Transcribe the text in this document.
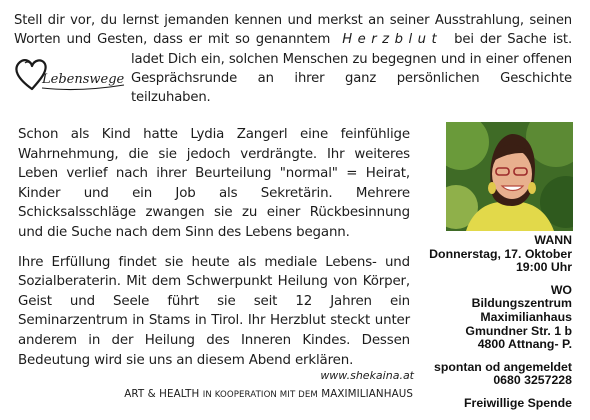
Stell dir vor, du lernst jemanden kennen und merkst an seiner Ausstrahlung, seinen
Worten und Gesten, dass er mit so genanntem Herzblut bei der Sache ist.
ladet Dich ein, solchen Menschen zu begegnen und in einer offenen Gesprächsrunde an ihrer ganz persönlichen Geschichte teilzuhaben.
Lebenswege

Schon als Kind hatte Lydia Zangerl eine feinfühlige Wahrnehmung, die sie jedoch verdrängte. Ihr weiteres Leben verlief nach ihrer Beurteilung "normal" = Heirat, Kinder und ein Job als Sekretärin. Mehrere Schicksalsschläge zwangen sie zu einer Rückbesinnung und die Suche nach dem Sinn des Lebens begann.

Ihre Erfüllung findet sie heute als mediale Lebens- und Sozialberaterin. Mit dem Schwerpunkt Heilung von Körper, Geist und Seele führt sie seit 12 Jahren ein Seminarzentrum in Stams in Tirol. Ihr Herzblut steckt unter anderem in der Heilung des Inneren Kindes. Dessen Bedeutung wird sie uns an diesem Abend erklären.

WANN
Donnerstag, 17. Oktober
19:00 Uhr
WO
Bildungszentrum
Maximilianhaus
Gmundner Str. 1 b
4800 Attnang- P.
spontan od angemeldet
0680 3257228
Freiwillige Spende
www.shekaina.at
ART & HEALTH IN KOOPERATION MIT DEM MAXIMILIANHAUS
